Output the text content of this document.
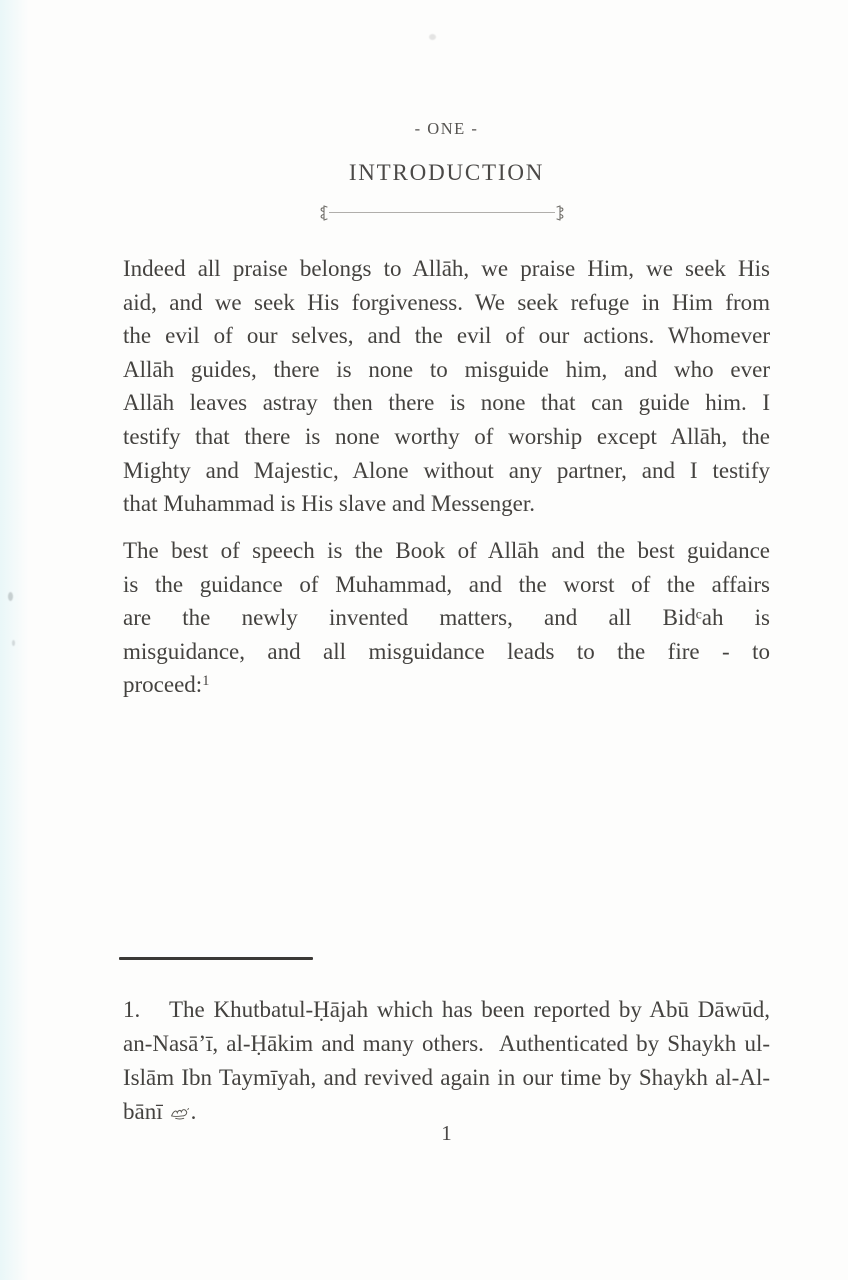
- ONE -
INTRODUCTION
Indeed all praise belongs to Allāh, we praise Him, we seek His
aid, and we seek His forgiveness. We seek refuge in Him from
the evil of our selves, and the evil of our actions. Whomever
Allāh guides, there is none to misguide him, and who ever
Allāh leaves astray then there is none that can guide him. I
testify that there is none worthy of worship except Allāh, the
Mighty and Majestic, Alone without any partner, and I testify
that Muhammad is His slave and Messenger.
The best of speech is the Book of Allāh and the best guidance
is the guidance of Muhammad, and the worst of the affairs
are the newly invented matters, and all Bidᶜah is
misguidance, and all misguidance leads to the fire - to
proceed:$^1$
1. The Khutbatul-Ḥājah which has been reported by Abū Dāwūd,
an-Nasā’ī, al-Ḥākim and many others.  Authenticated by Shaykh ul-
Islām Ibn Taymīyah, and revived again in our time by Shaykh al-Al-
bānī .
1
